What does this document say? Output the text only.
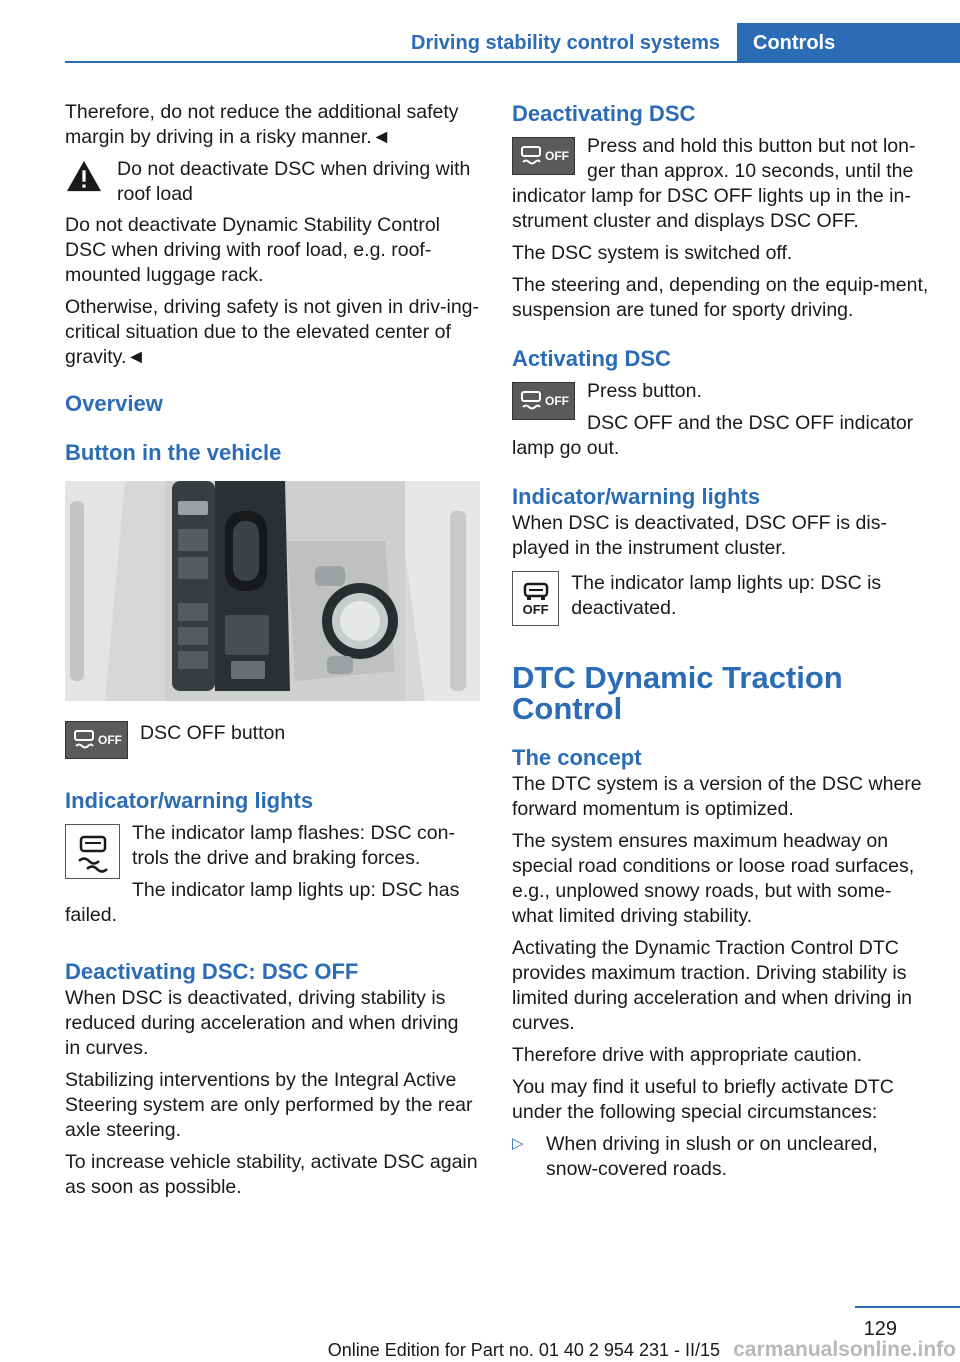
Driving stability control systems	Controls

Therefore, do not reduce the additional safety margin by driving in a risky manner.◄

Do not deactivate DSC when driving with roof load

Do not deactivate Dynamic Stability Control DSC when driving with roof load, e.g. roof-mounted luggage rack.

Otherwise, driving safety is not given in driv-ing-critical situation due to the elevated center of gravity.◄

Overview
Button in the vehicle
OFF DSC OFF button

Indicator/warning lights

The indicator lamp flashes: DSC con-trols the drive and braking forces.

The indicator lamp lights up: DSC has failed.

Deactivating DSC: DSC OFF

When DSC is deactivated, driving stability is reduced during acceleration and when driving in curves.

Stabilizing interventions by the Integral Active Steering system are only performed by the rear axle steering.

To increase vehicle stability, activate DSC again as soon as possible.

Deactivating DSC
OFF Press and hold this button but not lon-ger than approx. 10 seconds, until the indicator lamp for DSC OFF lights up in the in-strument cluster and displays DSC OFF.

The DSC system is switched off.

The steering and, depending on the equip-ment, suspension are tuned for sporty driving.

Activating DSC
OFF Press button.

DSC OFF and the DSC OFF indicator lamp go out.

Indicator/warning lights

When DSC is deactivated, DSC OFF is dis-played in the instrument cluster.

OFF

The indicator lamp lights up: DSC is deactivated.

DTC Dynamic Traction Control
The concept

The DTC system is a version of the DSC where forward momentum is optimized.

The system ensures maximum headway on special road conditions or loose road surfaces, e.g., unplowed snowy roads, but with some-what limited driving stability.

Activating the Dynamic Traction Control DTC provides maximum traction. Driving stability is limited during acceleration and when driving in curves.

Therefore drive with appropriate caution.

You may find it useful to briefly activate DTC under the following special circumstances:

▷	When driving in slush or on uncleared, snow-covered roads.

129
Online Edition for Part no. 01 40 2 954 231 - II/15 carmanualsonline.info
